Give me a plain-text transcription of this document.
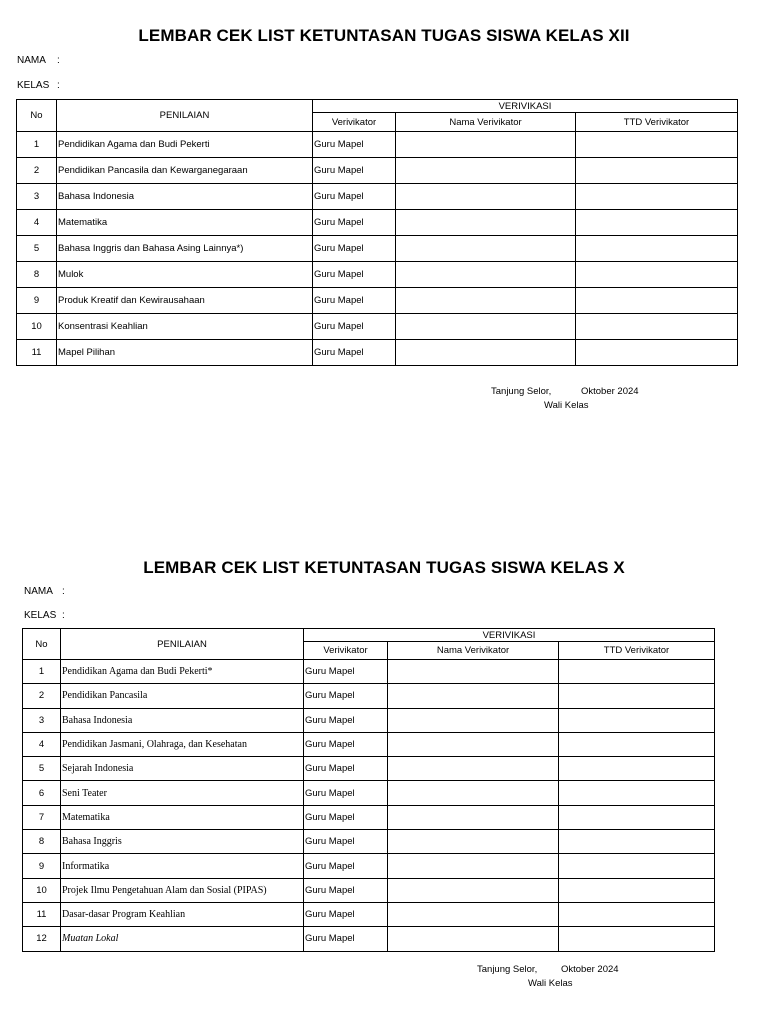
LEMBAR CEK LIST KETUNTASAN TUGAS SISWA KELAS XII
NAMA :
KELAS :
No	PENILAIAN	VERIVIKASI		
		Verivikator	Nama Verivikator	TTD Verivikator
1	Pendidikan Agama dan Budi Pekerti	Guru Mapel		
2	Pendidikan Pancasila dan Kewarganegaraan	Guru Mapel		
3	Bahasa Indonesia	Guru Mapel		
4	Matematika	Guru Mapel		
5	Bahasa Inggris dan Bahasa Asing Lainnya*)	Guru Mapel		
8	Mulok	Guru Mapel		
9	Produk Kreatif dan Kewirausahaan	Guru Mapel		
10	Konsentrasi Keahlian	Guru Mapel		
11	Mapel Pilihan	Guru Mapel		
Tanjung Selor,	Oktober 2024
Wali Kelas
LEMBAR CEK LIST KETUNTASAN TUGAS SISWA KELAS X
NAMA :
KELAS :
No	PENILAIAN	VERIVIKASI		
		Verivikator	Nama Verivikator	TTD Verivikator
1	Pendidikan Agama dan Budi Pekerti*	Guru Mapel		
2	Pendidikan Pancasila	Guru Mapel		
3	Bahasa Indonesia	Guru Mapel		
4	Pendidikan Jasmani, Olahraga, dan Kesehatan	Guru Mapel		
5	Sejarah Indonesia	Guru Mapel		
6	Seni Teater	Guru Mapel		
7	Matematika	Guru Mapel		
8	Bahasa Inggris	Guru Mapel		
9	Informatika	Guru Mapel		
10	Projek Ilmu Pengetahuan Alam dan Sosial (PIPAS)	Guru Mapel		
11	Dasar-dasar Program Keahlian	Guru Mapel		
12	Muatan Lokal	Guru Mapel		
Tanjung Selor,	Oktober 2024
Wali Kelas
